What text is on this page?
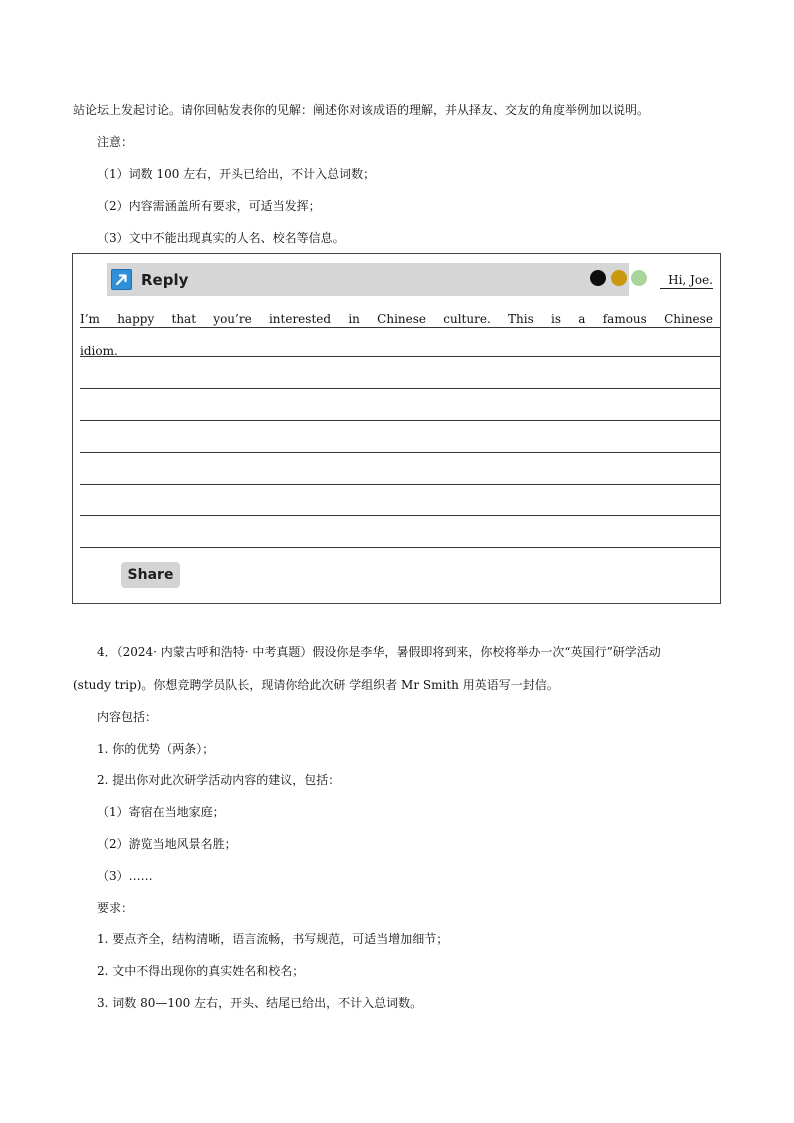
站论坛上发起讨论。请你回帖发表你的见解：阐述你对该成语的理解，并从择友、交友的角度举例加以说明。
注意：
（1）词数 100 左右，开头已给出，不计入总词数；
（2）内容需涵盖所有要求，可适当发挥；
（3）文中不能出现真实的人名、校名等信息。
Reply	Hi, Joe.
I’m happy that you’re interested in Chinese culture. This is a famous Chinese
idiom.
Share
4．（2024· 内蒙古呼和浩特· 中考真题）假设你是李华，暑假即将到来，你校将举办一次“英国行”研学活动
(study trip)。你想竞聘学员队长，现请你给此次研 学组织者 Mr Smith 用英语写一封信。
内容包括：
1. 你的优势（两条）；
2. 提出你对此次研学活动内容的建议，包括：
（1）寄宿在当地家庭；
（2）游览当地风景名胜；
（3）……
要求：
1. 要点齐全，结构清晰，语言流畅，书写规范，可适当增加细节；
2. 文中不得出现你的真实姓名和校名；
3. 词数 80—100 左右，开头、结尾已给出，不计入总词数。
